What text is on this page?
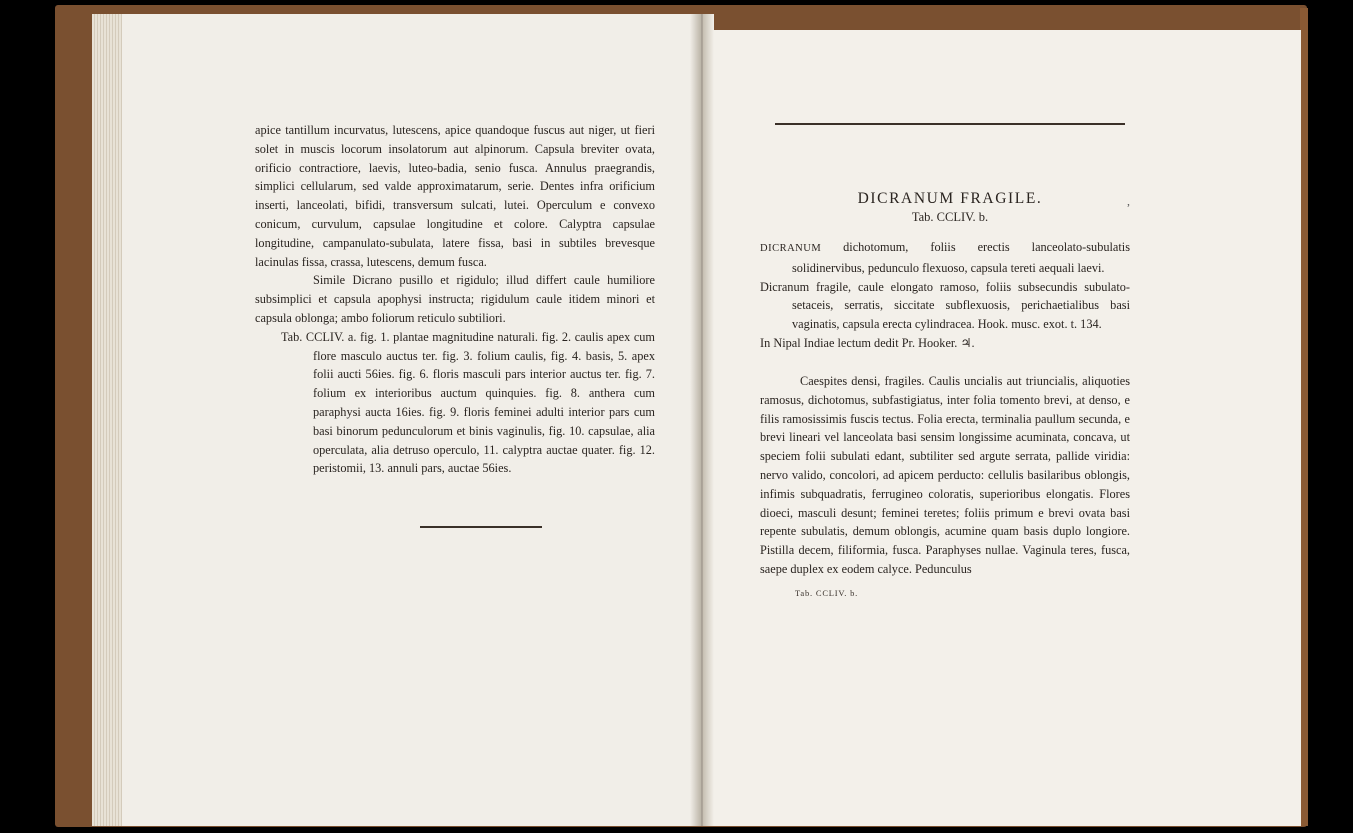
apice tantillum incurvatus, lutescens, apice quandoque fuscus aut niger, ut fieri solet in muscis locorum insolatorum aut alpinorum. Capsula breviter ovata, orificio contractiore, laevis, luteo-badia, senio fusca. Annulus praegrandis, simplici cellularum, sed valde approximatarum, serie. Dentes infra orificium inserti, lanceolati, bifidi, transversum sulcati, lutei. Operculum e convexo conicum, curvulum, capsulae longitudine et colore. Calyptra capsulae longitudine, campanulato-subulata, latere fissa, basi in subtiles brevesque lacinulas fissa, crassa, lutescens, demum fusca.

Simile Dicrano pusillo et rigidulo; illud differt caule humiliore subsimplici et capsula apophysi instructa; rigidulum caule itidem minori et capsula oblonga; ambo foliorum reticulo subtiliori.

Tab. CCLIV. a. fig. 1. plantae magnitudine naturali. fig. 2. caulis apex cum flore masculo auctus ter. fig. 3. folium caulis, fig. 4. basis, 5. apex folii aucti 56ies. fig. 6. floris masculi pars interior auctus ter. fig. 7. folium ex interioribus auctum quinquies. fig. 8. anthera cum paraphysi aucta 16ies. fig. 9. floris feminei adulti interior pars cum basi binorum pedunculorum et binis vaginulis, fig. 10. capsulae, alia operculata, alia detruso operculo, 11. calyptra auctae quater. fig. 12. peristomii, 13. annuli pars, auctae 56ies.

DICRANUM FRAGILE.	,
Tab. CCLIV. b.

DICRANUM dichotomum, foliis erectis lanceolato-subulatis solidinervibus, pedunculo flexuoso, capsula tereti aequali laevi.

Dicranum fragile, caule elongato ramoso, foliis subsecundis subulato-setaceis, serratis, siccitate subflexuosis, perichaetialibus basi vaginatis, capsula erecta cylindracea. Hook. musc. exot. t. 134.

In Nipal Indiae lectum dedit Pr. Hooker. ♃.

Caespites densi, fragiles. Caulis uncialis aut triuncialis, aliquoties ramosus, dichotomus, subfastigiatus, inter folia tomento brevi, at denso, e filis ramosissimis fuscis tectus. Folia erecta, terminalia paullum secunda, e brevi lineari vel lanceolata basi sensim longissime acuminata, concava, ut speciem folii subulati edant, subtiliter sed argute serrata, pallide viridia: nervo valido, concolori, ad apicem perducto: cellulis basilaribus oblongis, infimis subquadratis, ferrugineo coloratis, superioribus elongatis. Flores dioeci, masculi desunt; feminei teretes; foliis primum e brevi ovata basi repente subulatis, demum oblongis, acumine quam basis duplo longiore. Pistilla decem, filiformia, fusca. Paraphyses nullae. Vaginula teres, fusca, saepe duplex ex eodem calyce. Pedunculus

Tab. CCLIV. b.
